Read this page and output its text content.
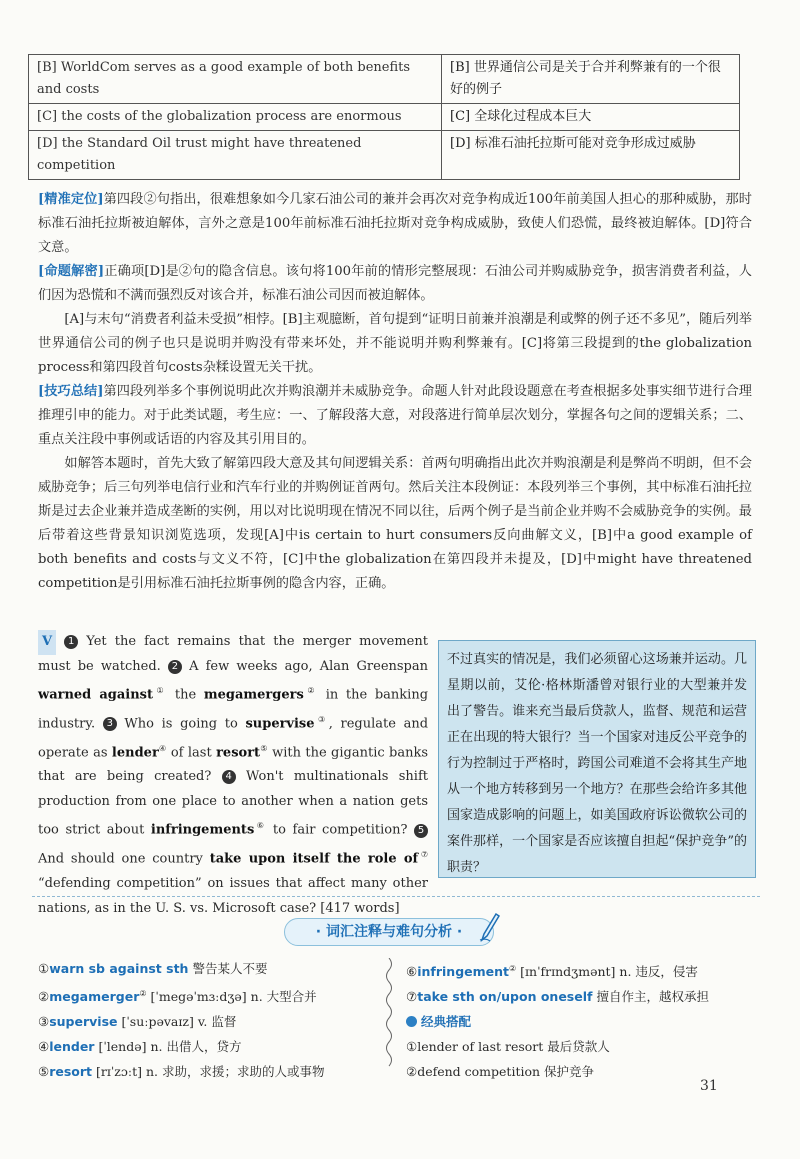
[B] WorldCom serves as a good example of both benefits and costs	[B] 世界通信公司是关于合并利弊兼有的一个很好的例子
[C] the costs of the globalization process are enormous	[C] 全球化过程成本巨大
[D] the Standard Oil trust might have threatened competition	[D] 标准石油托拉斯可能对竞争形成过威胁

[精准定位]第四段②句指出，很难想象如今几家石油公司的兼并会再次对竞争构成近100年前美国人担心的那种威胁，那时标准石油托拉斯被迫解体，言外之意是100年前标准石油托拉斯对竞争构成威胁，致使人们恐慌，最终被迫解体。[D]符合文意。

[命题解密]正确项[D]是②句的隐含信息。该句将100年前的情形完整展现：石油公司并购威胁竞争，损害消费者利益，人们因为恐慌和不满而强烈反对该合并，标准石油公司因而被迫解体。

[A]与末句“消费者利益未受损”相悖。[B]主观臆断，首句提到“证明日前兼并浪潮是利或弊的例子还不多见”，随后列举世界通信公司的例子也只是说明并购没有带来坏处，并不能说明并购利弊兼有。[C]将第三段提到的the globalization process和第四段首句costs杂糅设置无关干扰。

[技巧总结]第四段列举多个事例说明此次并购浪潮并未威胁竞争。命题人针对此段设题意在考查根据多处事实细节进行合理推理引申的能力。对于此类试题，考生应：一、了解段落大意，对段落进行简单层次划分，掌握各句之间的逻辑关系；二、重点关注段中事例或话语的内容及其引用目的。

如解答本题时，首先大致了解第四段大意及其句间逻辑关系：首两句明确指出此次并购浪潮是利是弊尚不明朗，但不会威胁竞争；后三句列举电信行业和汽车行业的并购例证首两句。然后关注本段例证：本段列举三个事例，其中标准石油托拉斯是过去企业兼并造成垄断的实例，用以对比说明现在情况不同以往，后两个例子是当前企业并购不会威胁竞争的实例。最后带着这些背景知识浏览选项，发现[A]中is certain to hurt consumers反向曲解文义，[B]中a good example of both benefits and costs与文义不符，[C]中the globalization在第四段并未提及，[D]中might have threatened competition是引用标准石油托拉斯事例的隐含内容，正确。

V 1 Yet the fact remains that the merger movement must be watched. 2 A few weeks ago, Alan Greenspan warned against① the megamergers② in the banking industry. 3 Who is going to supervise③, regulate and operate as lender④ of last resort⑤ with the gigantic banks that are being created? 4 Won't multinationals shift production from one place to another when a nation gets too strict about infringements⑥ to fair competition? 5 And should one country take upon itself the role of⑦ “defending competition” on issues that affect many other nations, as in the U. S. vs. Microsoft case? [417 words]
不过真实的情况是，我们必须留心这场兼并运动。几星期以前，艾伦·格林斯潘曾对银行业的大型兼并发出了警告。谁来充当最后贷款人，监督、规范和运营正在出现的特大银行？当一个国家对违反公平竞争的行为控制过于严格时，跨国公司难道不会将其生产地从一个地方转移到另一个地方？在那些会给许多其他国家造成影响的问题上，如美国政府诉讼微软公司的案件那样，一个国家是否应该擅自担起“保护竞争”的职责？
· 词汇注释与难句分析 ·
①warn sb against sth 警告某人不要
②megamerger② [ˈmegəˈmɜːdʒə] n. 大型合并
③supervise [ˈsuːpəvaɪz] v. 监督
④lender [ˈlendə] n. 出借人，贷方
⑤resort [rɪˈzɔːt] n. 求助，求援；求助的人或事物
⑥infringement② [ɪnˈfrɪndʒmənt] n. 违反，侵害
⑦take sth on/upon oneself 擅自作主，越权承担
经典搭配
①lender of last resort 最后贷款人
②defend competition 保护竞争
31
